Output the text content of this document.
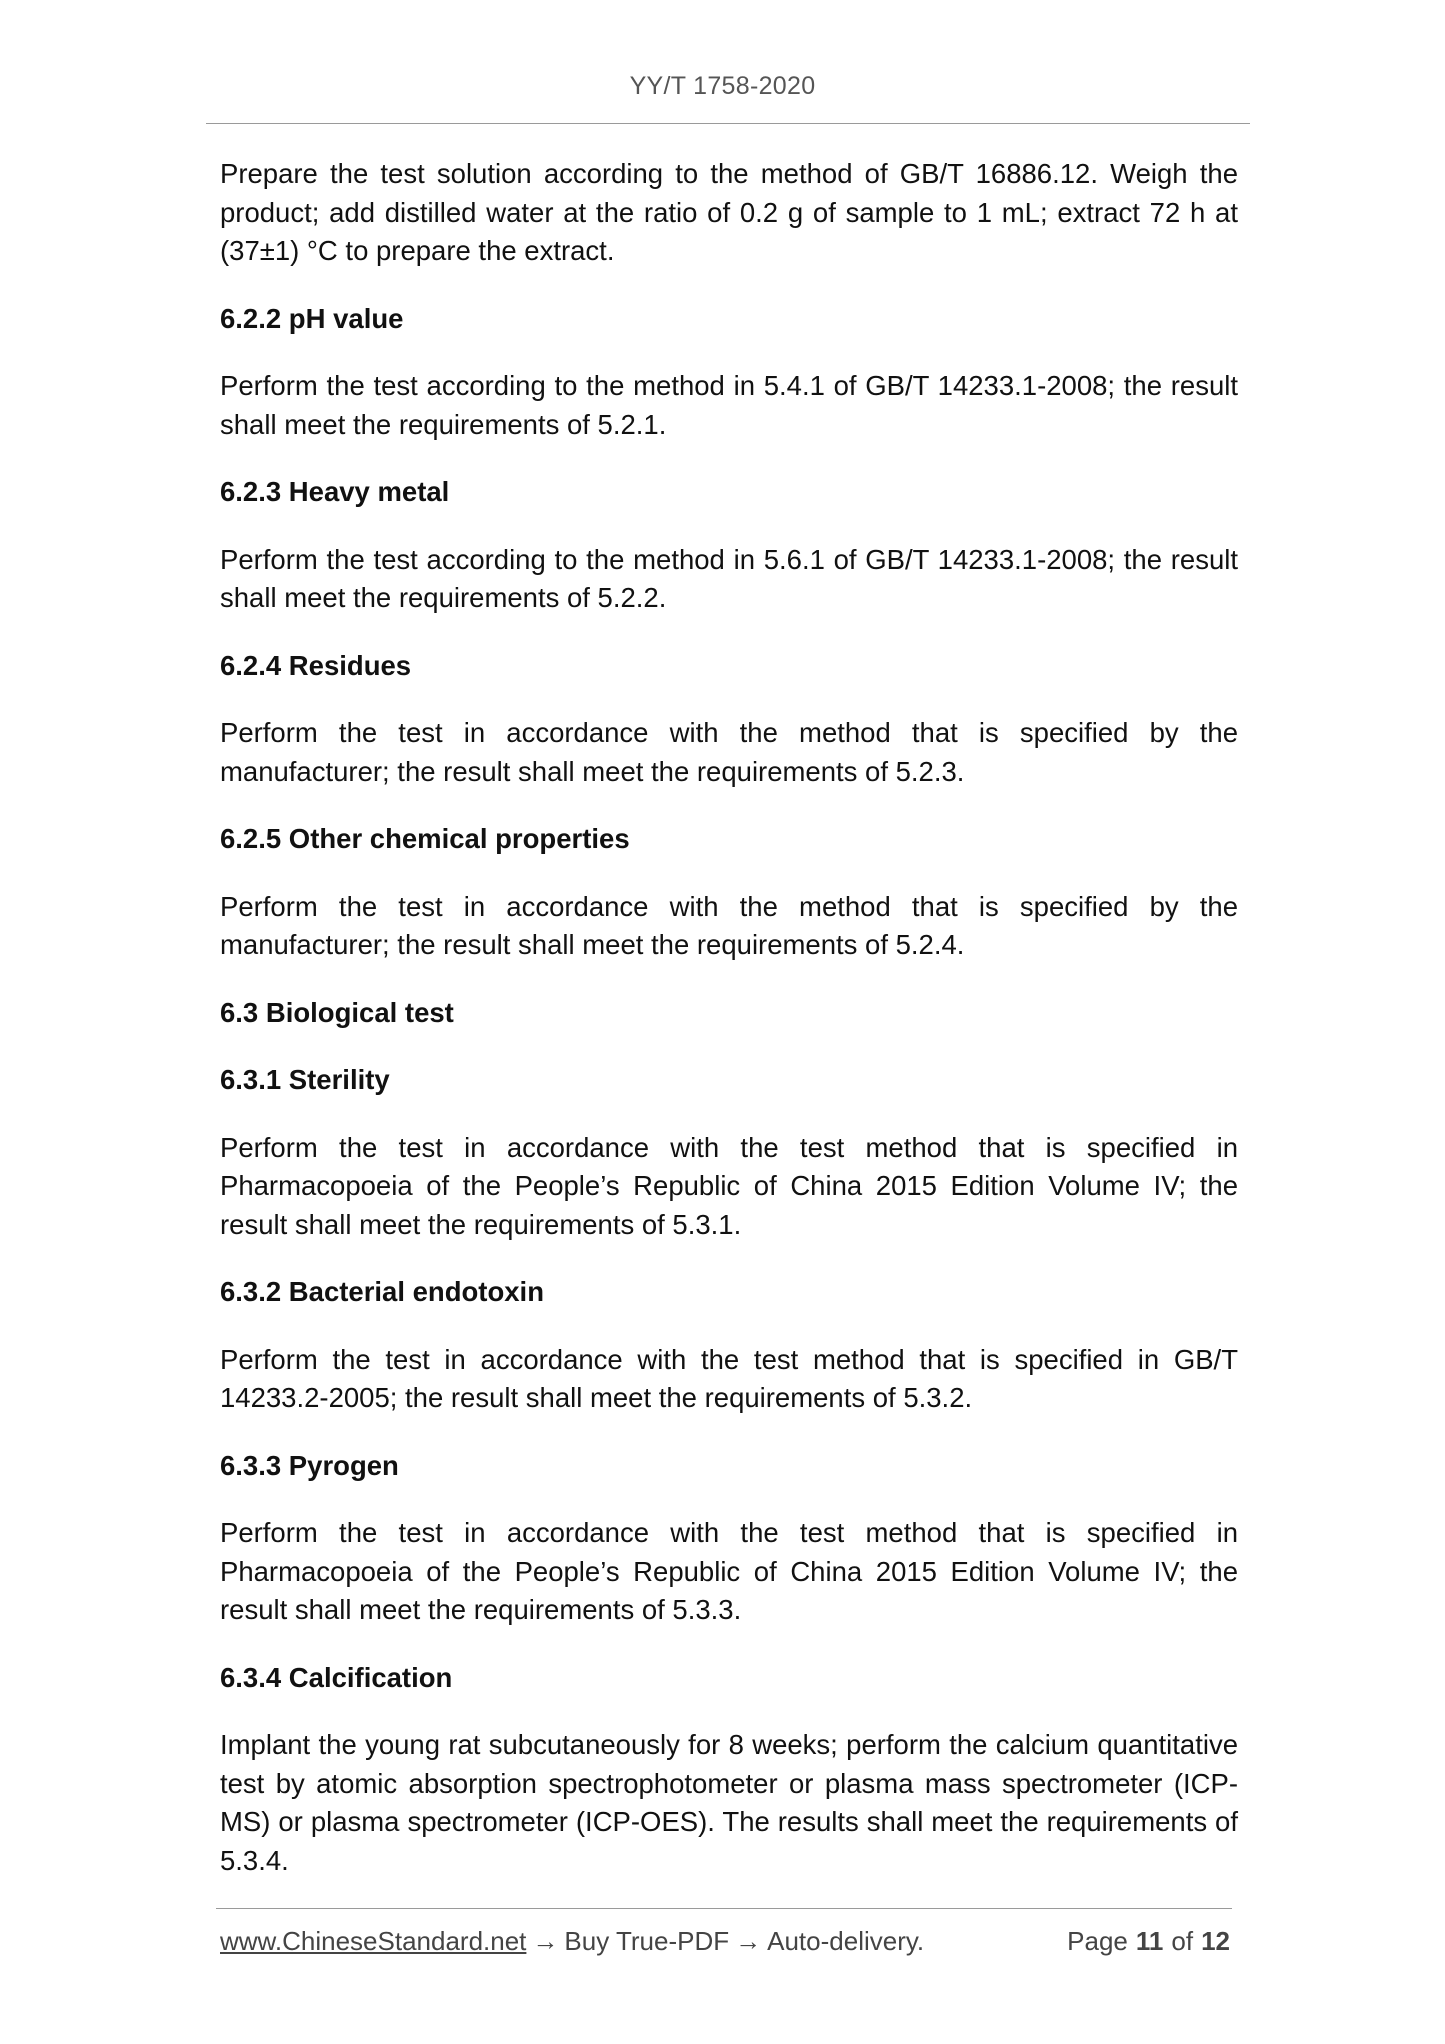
YY/T 1758-2020

Prepare the test solution according to the method of GB/T 16886.12. Weigh the product; add distilled water at the ratio of 0.2 g of sample to 1 mL; extract 72 h at (37±1) °C to prepare the extract.

6.2.2 pH value

Perform the test according to the method in 5.4.1 of GB/T 14233.1-2008; the result shall meet the requirements of 5.2.1.

6.2.3 Heavy metal

Perform the test according to the method in 5.6.1 of GB/T 14233.1-2008; the result shall meet the requirements of 5.2.2.

6.2.4 Residues

Perform the test in accordance with the method that is specified by the manufacturer; the result shall meet the requirements of 5.2.3.

6.2.5 Other chemical properties

Perform the test in accordance with the method that is specified by the manufacturer; the result shall meet the requirements of 5.2.4.

6.3 Biological test

6.3.1 Sterility

Perform the test in accordance with the test method that is specified in Pharmacopoeia of the People’s Republic of China 2015 Edition Volume IV; the result shall meet the requirements of 5.3.1.

6.3.2 Bacterial endotoxin

Perform the test in accordance with the test method that is specified in GB/T 14233.2-2005; the result shall meet the requirements of 5.3.2.

6.3.3 Pyrogen

Perform the test in accordance with the test method that is specified in Pharmacopoeia of the People’s Republic of China 2015 Edition Volume IV; the result shall meet the requirements of 5.3.3.

6.3.4 Calcification

Implant the young rat subcutaneously for 8 weeks; perform the calcium quantitative test by atomic absorption spectrophotometer or plasma mass spectrometer (ICP-MS) or plasma spectrometer (ICP-OES). The results shall meet the requirements of 5.3.4.

www.ChineseStandard.net → Buy True-PDF → Auto-delivery.	Page 11 of 12
